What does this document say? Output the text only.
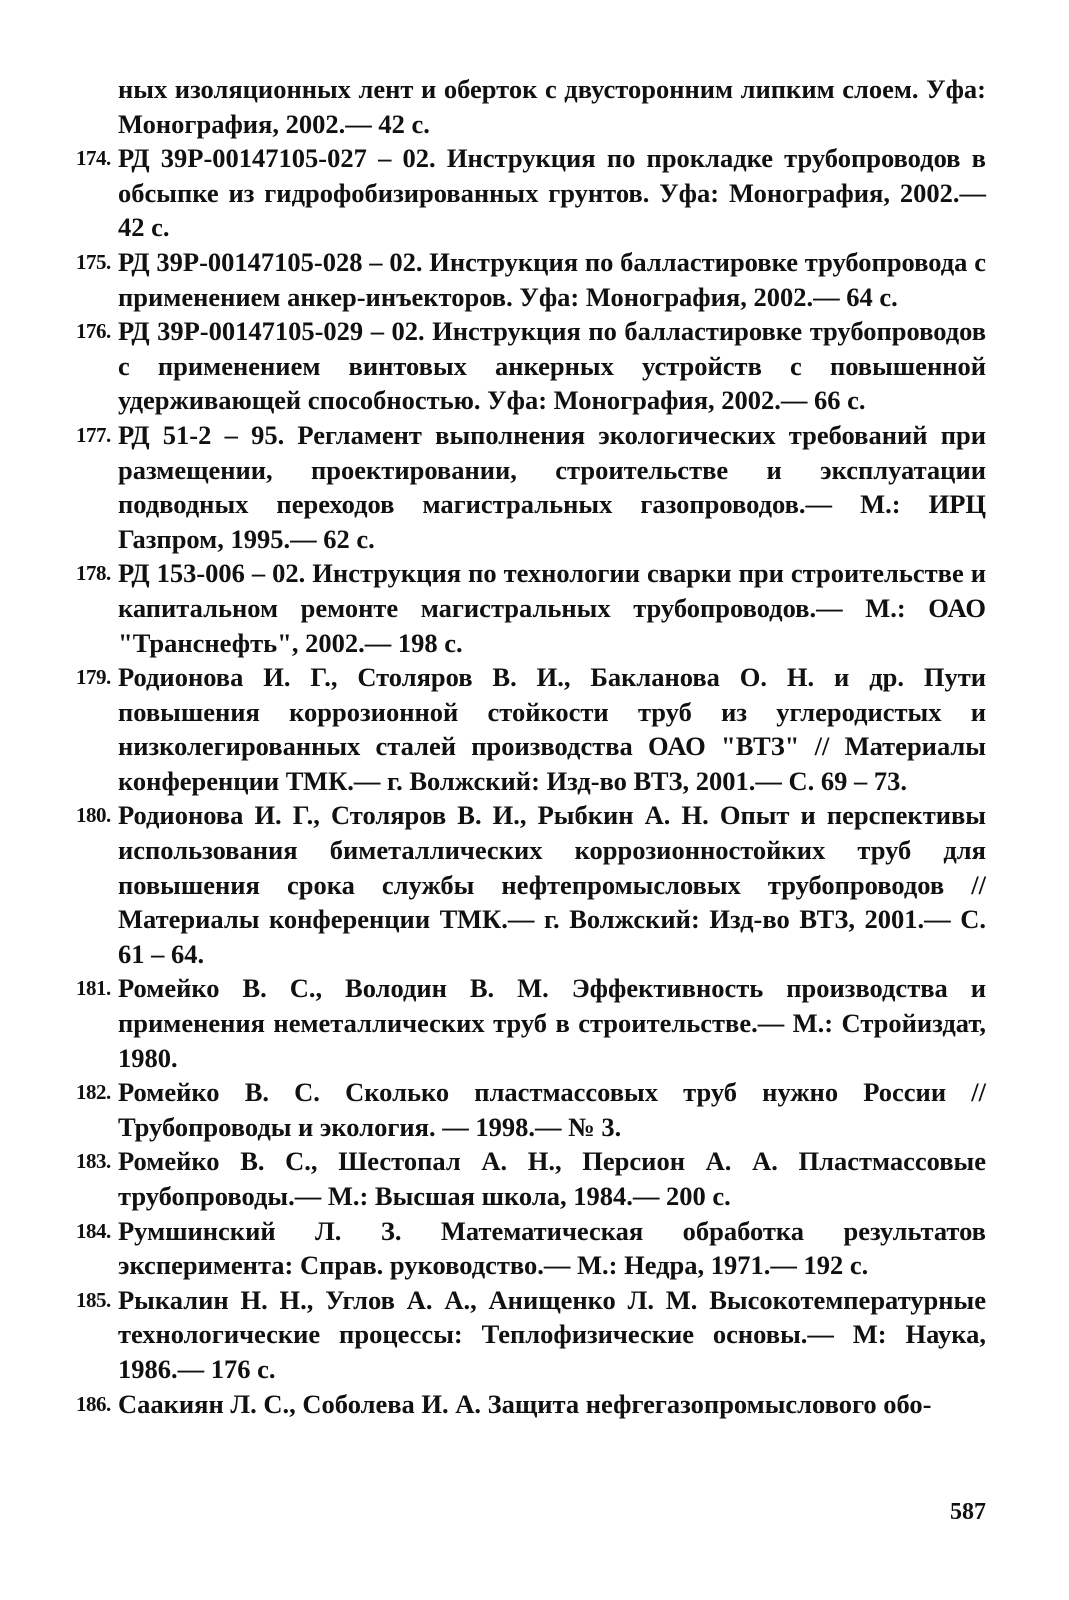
ных изоляционных лент и оберток с двусторонним липким слоем. Уфа: Монография, 2002.— 42 с.

174. РД 39Р-00147105-027 – 02. Инструкция по прокладке трубопроводов в обсыпке из гидрофобизированных грунтов. Уфа: Монография, 2002.— 42 с.

175. РД 39Р-00147105-028 – 02. Инструкция по балластировке трубопровода с применением анкер-инъекторов. Уфа: Монография, 2002.— 64 с.

176. РД 39Р-00147105-029 – 02. Инструкция по балластировке трубопроводов с применением винтовых анкерных устройств с повышенной удерживающей способностью. Уфа: Монография, 2002.— 66 с.

177. РД 51-2 – 95. Регламент выполнения экологических требований при размещении, проектировании, строительстве и эксплуатации подводных переходов магистральных газопроводов.— М.: ИРЦ Газпром, 1995.— 62 с.

178. РД 153-006 – 02. Инструкция по технологии сварки при строительстве и капитальном ремонте магистральных трубопроводов.— М.: ОАО "Транснефть", 2002.— 198 с.

179. Родионова И. Г., Столяров В. И., Бакланова О. Н. и др. Пути повышения коррозионной стойкости труб из углеродистых и низколегированных сталей производства ОАО "ВТЗ" // Материалы конференции ТМК.— г. Волжский: Изд-во ВТЗ, 2001.— С. 69 – 73.

180. Родионова И. Г., Столяров В. И., Рыбкин А. Н. Опыт и перспективы использования биметаллических коррозионностойких труб для повышения срока службы нефтепромысловых трубопроводов // Материалы конференции ТМК.— г. Волжский: Изд-во ВТЗ, 2001.— С. 61 – 64.

181. Ромейко В. С., Володин В. М. Эффективность производства и применения неметаллических труб в строительстве.— М.: Стройиздат, 1980.

182. Ромейко В. С. Сколько пластмассовых труб нужно России // Трубопроводы и экология. — 1998.— № 3.

183. Ромейко В. С., Шестопал А. Н., Персион А. А. Пластмассовые трубопроводы.— М.: Высшая школа, 1984.— 200 с.

184. Румшинский Л. З. Математическая обработка результатов эксперимента: Справ. руководство.— М.: Недра, 1971.— 192 с.

185. Рыкалин Н. Н., Углов А. А., Анищенко Л. М. Высокотемпературные технологические процессы: Теплофизические основы.— М: Наука, 1986.— 176 с.

186. Саакиян Л. С., Соболева И. А. Защита нефгегазопромыслового обо-

587
